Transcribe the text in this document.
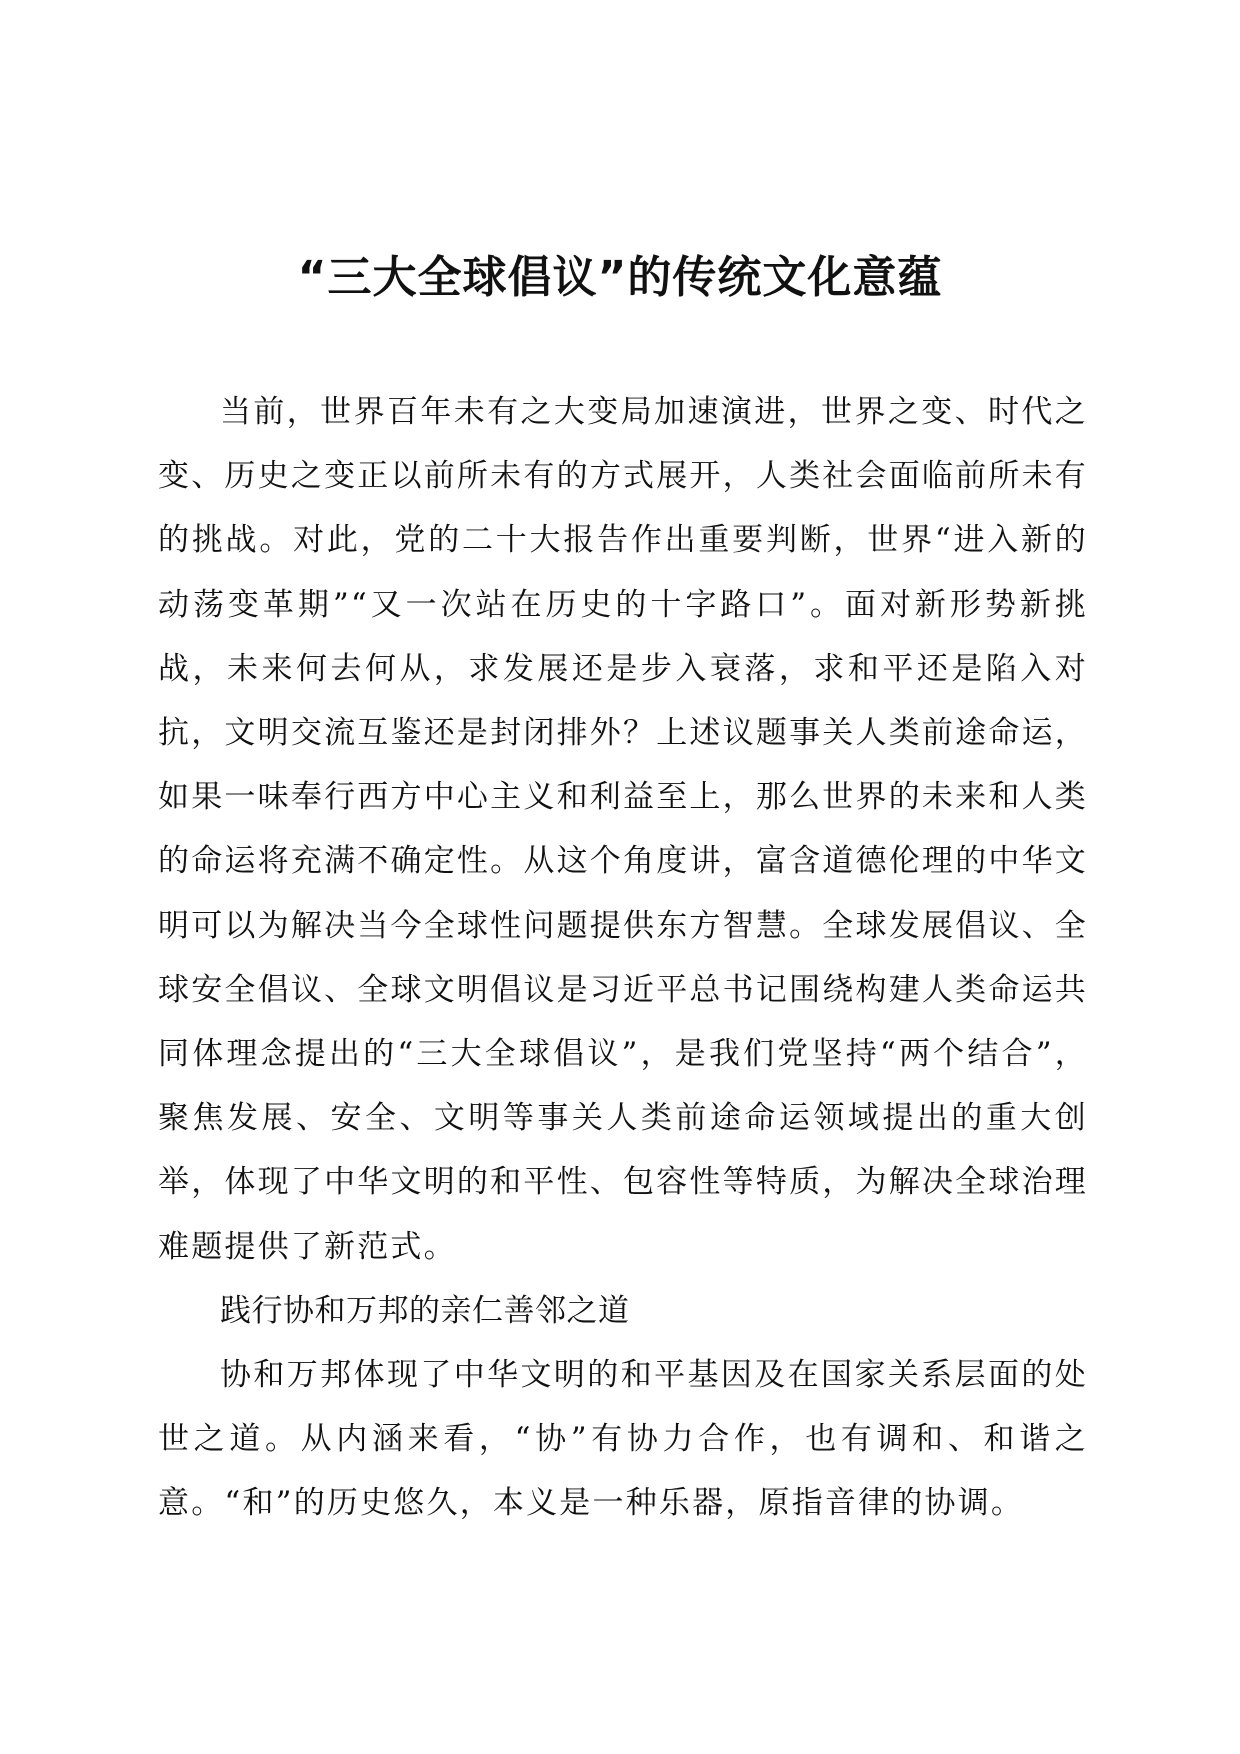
“三大全球倡议”的传统文化意蕴

当前，世界百年未有之大变局加速演进，世界之变、时代之变、历史之变正以前所未有的方式展开，人类社会面临前所未有的挑战。对此，党的二十大报告作出重要判断，世界“进入新的动荡变革期”“又一次站在历史的十字路口”。面对新形势新挑战，未来何去何从，求发展还是步入衰落，求和平还是陷入对抗，文明交流互鉴还是封闭排外？上述议题事关人类前途命运，如果一味奉行西方中心主义和利益至上，那么世界的未来和人类的命运将充满不确定性。从这个角度讲，富含道德伦理的中华文明可以为解决当今全球性问题提供东方智慧。全球发展倡议、全球安全倡议、全球文明倡议是习近平总书记围绕构建人类命运共同体理念提出的“三大全球倡议”，是我们党坚持“两个结合”，聚焦发展、安全、文明等事关人类前途命运领域提出的重大创举，体现了中华文明的和平性、包容性等特质，为解决全球治理难题提供了新范式。

践行协和万邦的亲仁善邻之道

协和万邦体现了中华文明的和平基因及在国家关系层面的处世之道。从内涵来看，“协”有协力合作，也有调和、和谐之意。“和”的历史悠久，本义是一种乐器，原指音律的协调。
